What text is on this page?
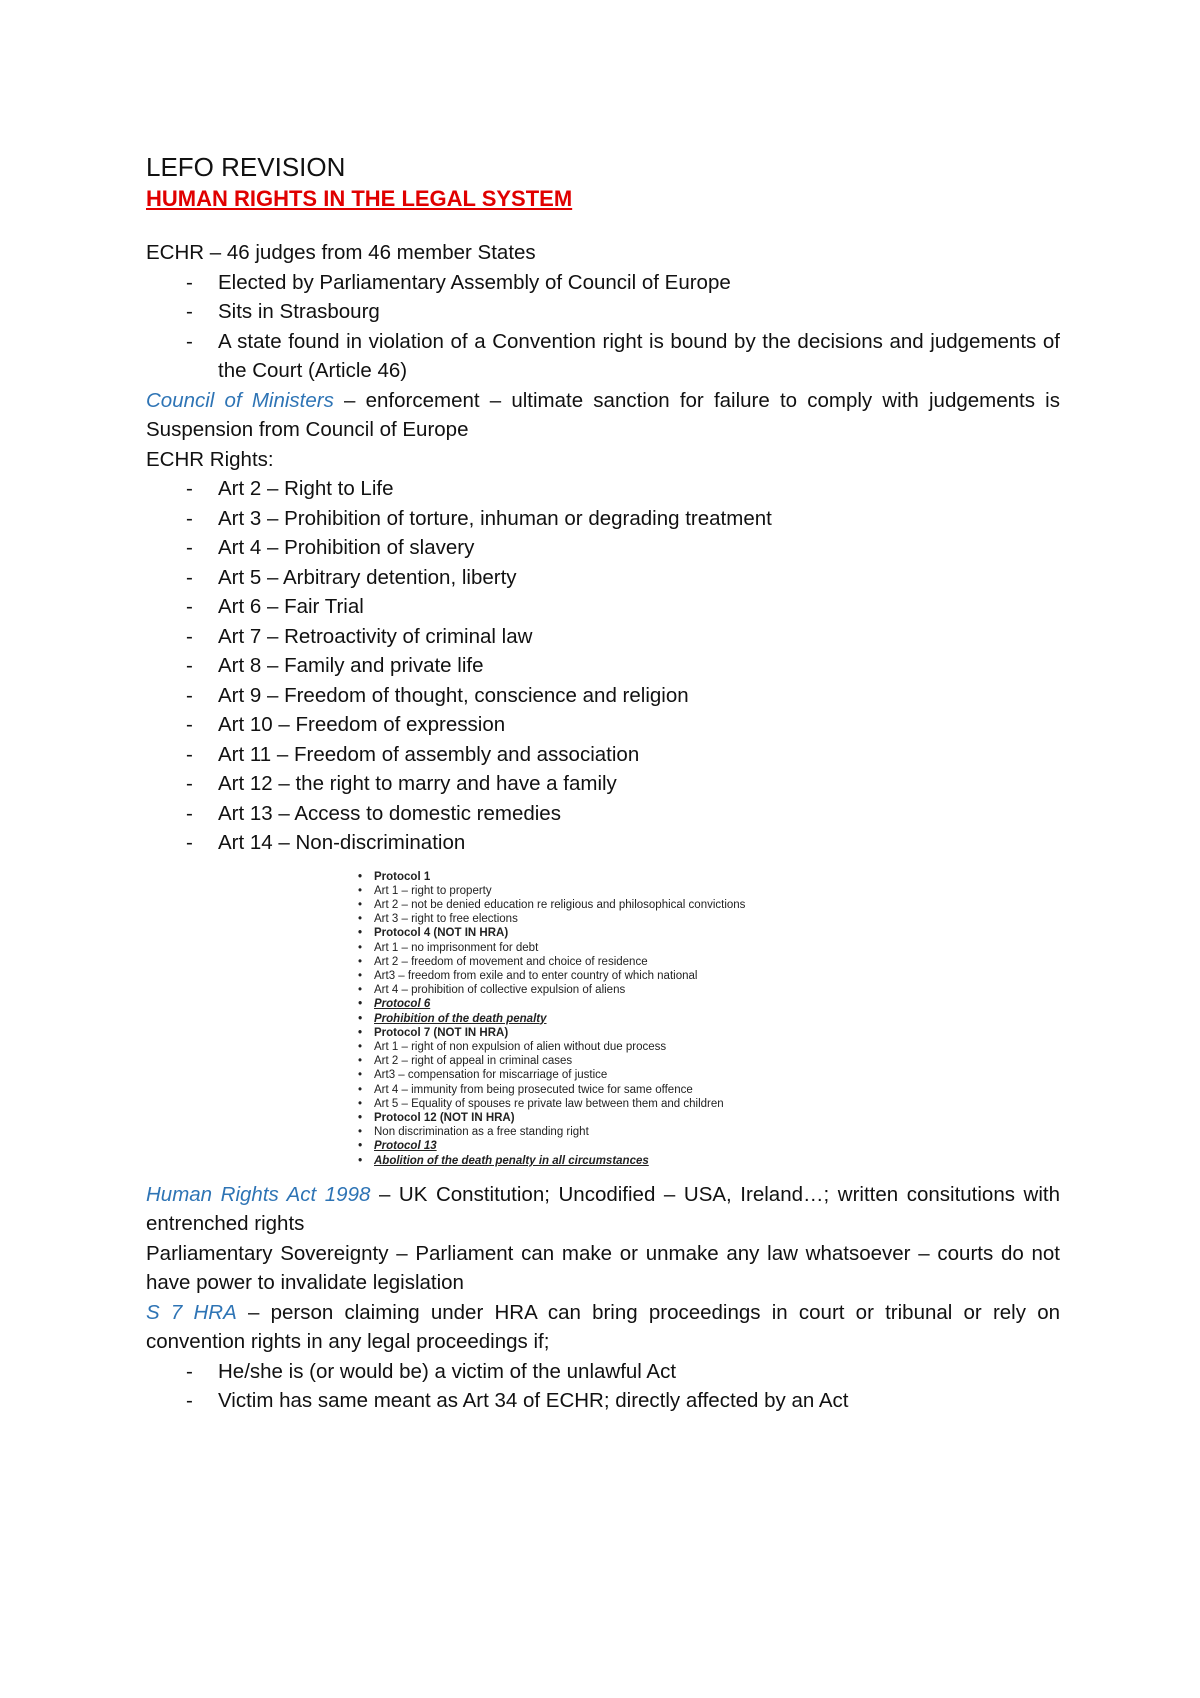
LEFO REVISION

HUMAN RIGHTS IN THE LEGAL SYSTEM

ECHR – 46 judges from 46 member States

- Elected by Parliamentary Assembly of Council of Europe
- Sits in Strasbourg
- A state found in violation of a Convention right is bound by the decisions and judgements of the Court (Article 46)

Council of Ministers – enforcement – ultimate sanction for failure to comply with judgements is Suspension from Council of Europe

ECHR Rights:

- Art 2 – Right to Life
- Art 3 – Prohibition of torture, inhuman or degrading treatment
- Art 4 – Prohibition of slavery
- Art 5 – Arbitrary detention, liberty
- Art 6 – Fair Trial
- Art 7 – Retroactivity of criminal law
- Art 8 – Family and private life
- Art 9 – Freedom of thought, conscience and religion
- Art 10 – Freedom of expression
- Art 11 – Freedom of assembly and association
- Art 12 – the right to marry and have a family
- Art 13 – Access to domestic remedies
- Art 14 – Non-discrimination
• Protocol 1
• Art 1 – right to property
• Art 2 – not be denied education re religious and philosophical convictions
• Art 3 – right to free elections
• Protocol 4 (NOT IN HRA)
• Art 1 – no imprisonment for debt
• Art 2 – freedom of movement and choice of residence
• Art3 – freedom from exile and to enter country of which national
• Art 4 – prohibition of collective expulsion of aliens
• Protocol 6
• Prohibition of the death penalty
• Protocol 7 (NOT IN HRA)
• Art 1 – right of non expulsion of alien without due process
• Art 2 – right of appeal in criminal cases
• Art3 – compensation for miscarriage of justice
• Art 4 – immunity from being prosecuted twice for same offence
• Art 5 – Equality of spouses re private law between them and children
• Protocol 12 (NOT IN HRA)
• Non discrimination as a free standing right
• Protocol 13
• Abolition of the death penalty in all circumstances

Human Rights Act 1998 – UK Constitution; Uncodified – USA, Ireland…; written consitutions with entrenched rights

Parliamentary Sovereignty – Parliament can make or unmake any law whatsoever – courts do not have power to invalidate legislation

S 7 HRA – person claiming under HRA can bring proceedings in court or tribunal or rely on convention rights in any legal proceedings if;

- He/she is (or would be) a victim of the unlawful Act
- Victim has same meant as Art 34 of ECHR; directly affected by an Act
